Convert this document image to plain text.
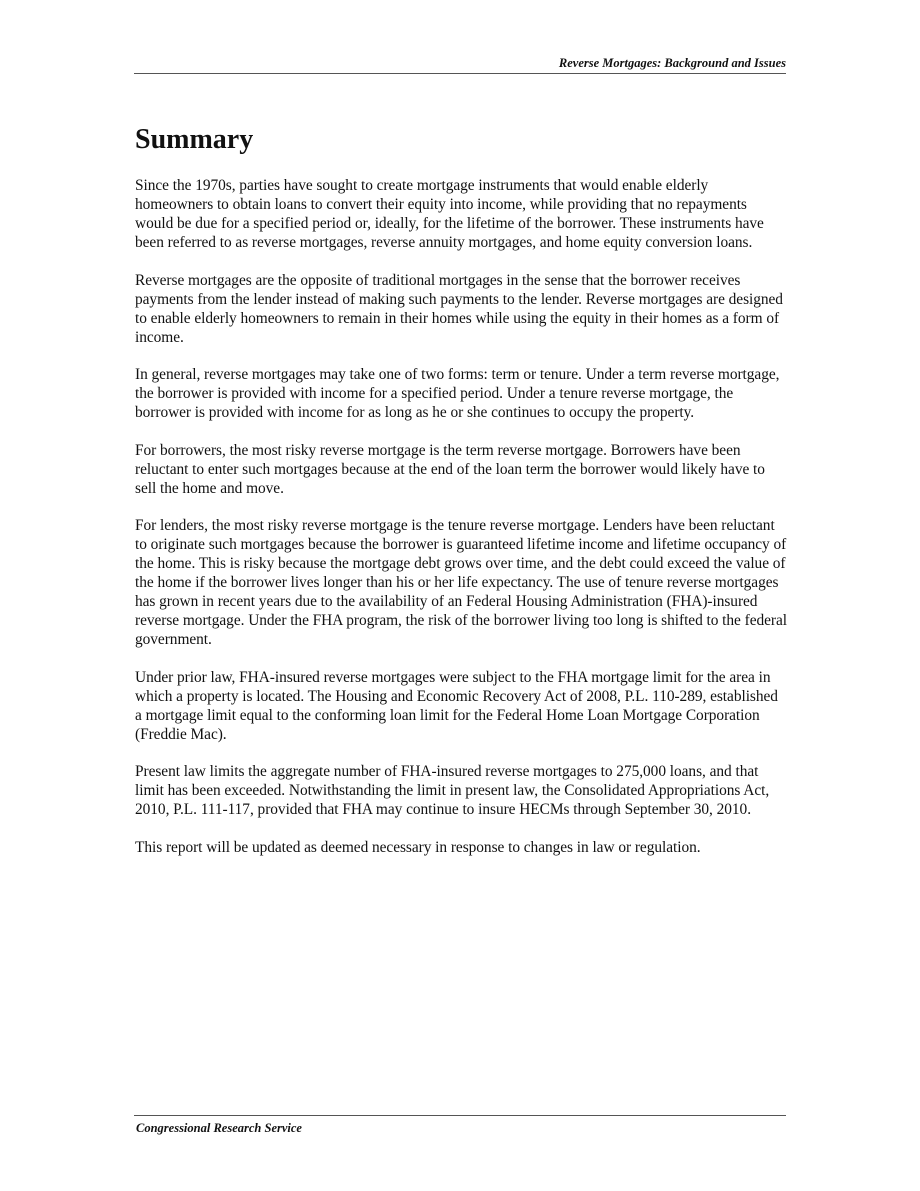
Reverse Mortgages: Background and Issues
Summary

Since the 1970s, parties have sought to create mortgage instruments that would enable elderly homeowners to obtain loans to convert their equity into income, while providing that no repayments would be due for a specified period or, ideally, for the lifetime of the borrower. These instruments have been referred to as reverse mortgages, reverse annuity mortgages, and home equity conversion loans.

Reverse mortgages are the opposite of traditional mortgages in the sense that the borrower receives payments from the lender instead of making such payments to the lender. Reverse mortgages are designed to enable elderly homeowners to remain in their homes while using the equity in their homes as a form of income.

In general, reverse mortgages may take one of two forms: term or tenure. Under a term reverse mortgage, the borrower is provided with income for a specified period. Under a tenure reverse mortgage, the borrower is provided with income for as long as he or she continues to occupy the property.

For borrowers, the most risky reverse mortgage is the term reverse mortgage. Borrowers have been reluctant to enter such mortgages because at the end of the loan term the borrower would likely have to sell the home and move.

For lenders, the most risky reverse mortgage is the tenure reverse mortgage. Lenders have been reluctant to originate such mortgages because the borrower is guaranteed lifetime income and lifetime occupancy of the home. This is risky because the mortgage debt grows over time, and the debt could exceed the value of the home if the borrower lives longer than his or her life expectancy. The use of tenure reverse mortgages has grown in recent years due to the availability of an Federal Housing Administration (FHA)-insured reverse mortgage. Under the FHA program, the risk of the borrower living too long is shifted to the federal government.

Under prior law, FHA-insured reverse mortgages were subject to the FHA mortgage limit for the area in which a property is located. The Housing and Economic Recovery Act of 2008, P.L. 110-289, established a mortgage limit equal to the conforming loan limit for the Federal Home Loan Mortgage Corporation (Freddie Mac).

Present law limits the aggregate number of FHA-insured reverse mortgages to 275,000 loans, and that limit has been exceeded. Notwithstanding the limit in present law, the Consolidated Appropriations Act, 2010, P.L. 111-117, provided that FHA may continue to insure HECMs through September 30, 2010.

This report will be updated as deemed necessary in response to changes in law or regulation.

Congressional Research Service
